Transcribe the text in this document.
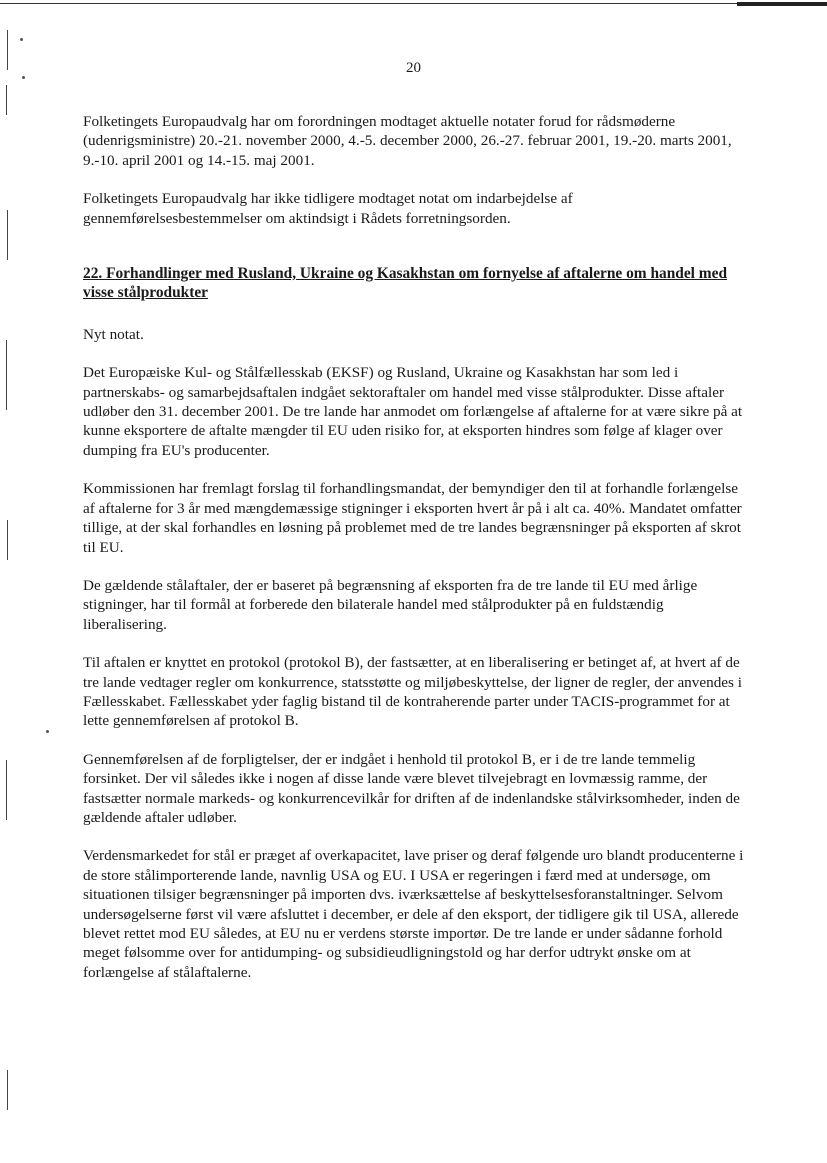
20

Folketingets Europaudvalg har om forordningen modtaget aktuelle notater forud for rådsmøderne (udenrigsministre) 20.-21. november 2000, 4.-5. december 2000, 26.-27. februar 2001, 19.-20. marts 2001, 9.-10. april 2001 og 14.-15. maj 2001.

Folketingets Europaudvalg har ikke tidligere modtaget notat om indarbejdelse af gennemførelsesbestemmelser om aktindsigt i Rådets forretningsorden.

22. Forhandlinger med Rusland, Ukraine og Kasakhstan om fornyelse af aftalerne om handel med visse stålprodukter

Nyt notat.

Det Europæiske Kul- og Stålfællesskab (EKSF) og Rusland, Ukraine og Kasakhstan har som led i partnerskabs- og samarbejdsaftalen indgået sektoraftaler om handel med visse stålprodukter. Disse aftaler udløber den 31. december 2001. De tre lande har anmodet om forlængelse af aftalerne for at være sikre på at kunne eksportere de aftalte mængder til EU uden risiko for, at eksporten hindres som følge af klager over dumping fra EU's producenter.

Kommissionen har fremlagt forslag til forhandlingsmandat, der bemyndiger den til at forhandle forlængelse af aftalerne for 3 år med mængdemæssige stigninger i eksporten hvert år på i alt ca. 40%. Mandatet omfatter tillige, at der skal forhandles en løsning på problemet med de tre landes begrænsninger på eksporten af skrot til EU.

De gældende stålaftaler, der er baseret på begrænsning af eksporten fra de tre lande til EU med årlige stigninger, har til formål at forberede den bilaterale handel med stålprodukter på en fuldstændig liberalisering.

Til aftalen er knyttet en protokol (protokol B), der fastsætter, at en liberalisering er betinget af, at hvert af de tre lande vedtager regler om konkurrence, statsstøtte og miljøbeskyttelse, der ligner de regler, der anvendes i Fællesskabet. Fællesskabet yder faglig bistand til de kontraherende parter under TACIS-programmet for at lette gennemførelsen af protokol B.

Gennemførelsen af de forpligtelser, der er indgået i henhold til protokol B, er i de tre lande temmelig forsinket. Der vil således ikke i nogen af disse lande være blevet tilvejebragt en lovmæssig ramme, der fastsætter normale markeds- og konkurrencevilkår for driften af de indenlandske stålvirksomheder, inden de gældende aftaler udløber.

Verdensmarkedet for stål er præget af overkapacitet, lave priser og deraf følgende uro blandt producenterne i de store stålimporterende lande, navnlig USA og EU. I USA er regeringen i færd med at undersøge, om situationen tilsiger begrænsninger på importen dvs. iværksættelse af beskyttelsesforanstaltninger. Selvom undersøgelserne først vil være afsluttet i december, er dele af den eksport, der tidligere gik til USA, allerede blevet rettet mod EU således, at EU nu er verdens største importør. De tre lande er under sådanne forhold meget følsomme over for antidumping- og subsidieudligningstold og har derfor udtrykt ønske om at forlængelse af stålaftalerne.
